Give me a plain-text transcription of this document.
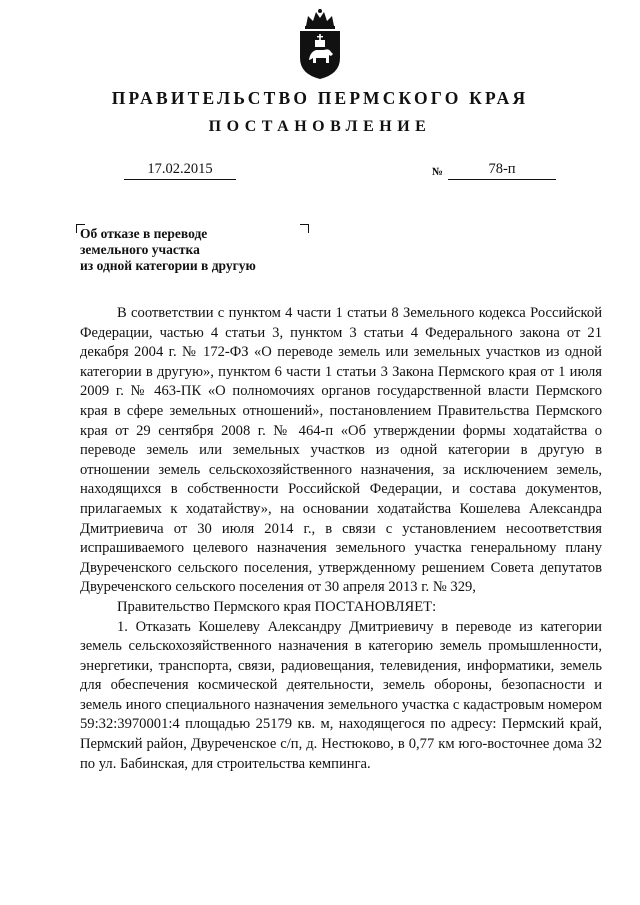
ПРАВИТЕЛЬСТВО ПЕРМСКОГО КРАЯ
ПОСТАНОВЛЕНИЕ
17.02.2015	№	78-п
Об отказе в переводе
земельного участка
из одной категории в другую

В соответствии с пунктом 4 части 1 статьи 8 Земельного кодекса Российской Федерации, частью 4 статьи 3, пунктом 3 статьи 4 Федерального закона от 21 декабря 2004 г. № 172-ФЗ «О переводе земель или земельных участков из одной категории в другую», пунктом 6 части 1 статьи 3 Закона Пермского края от 1 июля 2009 г. № 463-ПК «О полномочиях органов государственной власти Пермского края в сфере земельных отношений», постановлением Правительства Пермского края от 29 сентября 2008 г. № 464-п «Об утверждении формы ходатайства о переводе земель или земельных участков из одной категории в другую в отношении земель сельскохозяйственного назначения, за исключением земель, находящихся в собственности Российской Федерации, и состава документов, прилагаемых к ходатайству», на основании ходатайства Кошелева Александра Дмитриевича от 30 июля 2014 г., в связи с установлением несоответствия испрашиваемого целевого назначения земельного участка генеральному плану Двуреченского сельского поселения, утвержденному решением Совета депутатов Двуреченского сельского поселения от 30 апреля 2013 г. № 329,

Правительство Пермского края ПОСТАНОВЛЯЕТ:

1. Отказать Кошелеву Александру Дмитриевичу в переводе из категории земель сельскохозяйственного назначения в категорию земель промышленности, энергетики, транспорта, связи, радиовещания, телевидения, информатики, земель для обеспечения космической деятельности, земель обороны, безопасности и земель иного специального назначения земельного участка с кадастровым номером 59:32:3970001:4 площадью 25179 кв. м, находящегося по адресу: Пермский край, Пермский район, Двуреченское с/п, д. Нестюково, в 0,77 км юго-восточнее дома 32 по ул. Бабинская, для строительства кемпинга.
